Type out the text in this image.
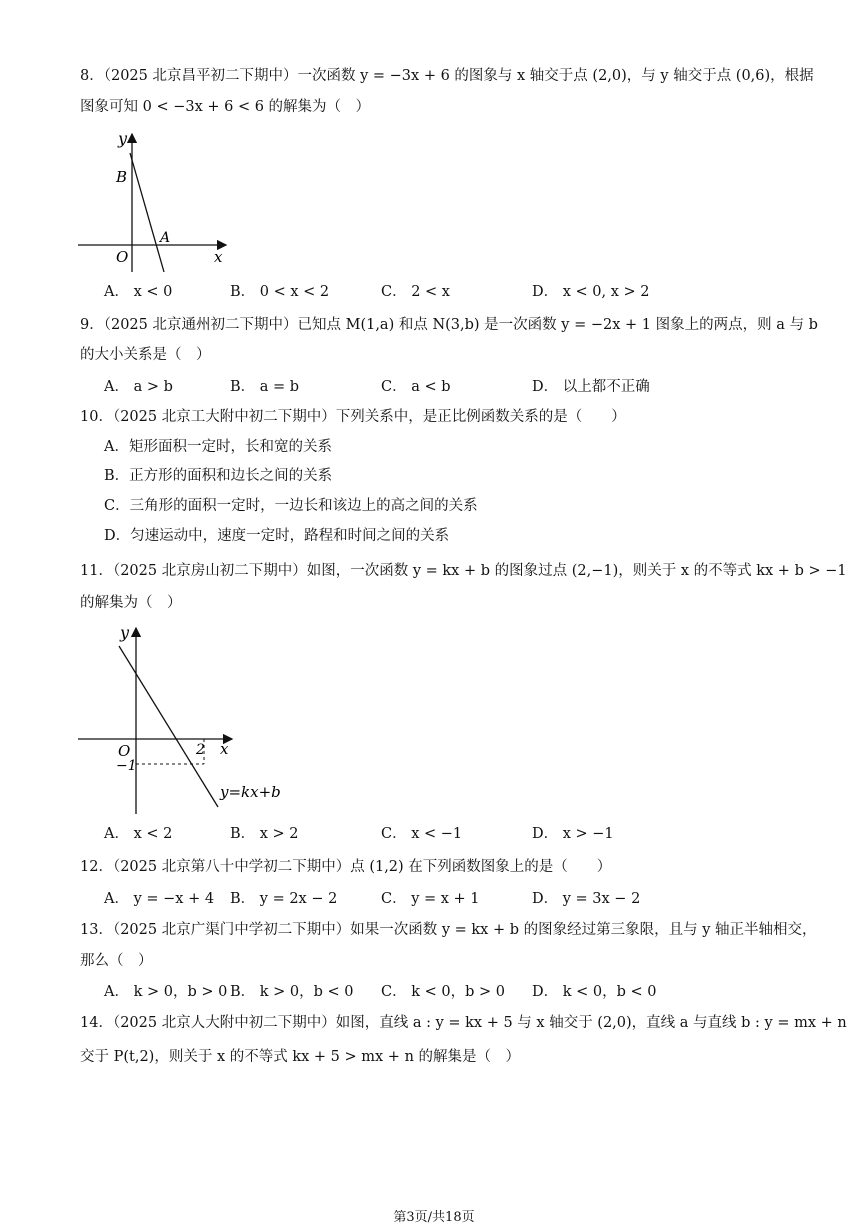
8．（2025 北京昌平初二下期中）一次函数 y = −3x + 6 的图象与 x 轴交于点 (2,0)，与 y 轴交于点 (0,6)，根据
图象可知 0 < −3x + 6 < 6 的解集为（　）
y
x
O
B
A
A． x < 0	B． 0 < x < 2	C． 2 < x	D． x < 0, x > 2
9．（2025 北京通州初二下期中）已知点 M(1,a) 和点 N(3,b) 是一次函数 y = −2x + 1 图象上的两点，则 a 与 b
的大小关系是（　）
A． a > b	B． a = b	C． a < b	D． 以上都不正确
10．（2025 北京工大附中初二下期中）下列关系中，是正比例函数关系的是（　　）
A．矩形面积一定时，长和宽的关系
B．正方形的面积和边长之间的关系
C．三角形的面积一定时，一边长和该边上的高之间的关系
D．匀速运动中，速度一定时，路程和时间之间的关系
11．（2025 北京房山初二下期中）如图，一次函数 y = kx + b 的图象过点 (2,−1)，则关于 x 的不等式 kx + b > −1
的解集为（　）
y
x
O	2
−1
y=kx+b
A． x < 2	B． x > 2	C． x < −1	D． x > −1
12．（2025 北京第八十中学初二下期中）点 (1,2) 在下列函数图象上的是（　　）
A． y = −x + 4 B． y = 2x − 2	C． y = x + 1	D． y = 3x − 2
13．（2025 北京广渠门中学初二下期中）如果一次函数 y = kx + b 的图象经过第三象限，且与 y 轴正半轴相交，
那么（　）
A． k > 0，b > 0 B． k > 0，b < 0 C． k < 0，b > 0 D． k < 0，b < 0
14．（2025 北京人大附中初二下期中）如图，直线 a : y = kx + 5 与 x 轴交于 (2,0)，直线 a 与直线 b : y = mx + n
交于 P(t,2)，则关于 x 的不等式 kx + 5 > mx + n 的解集是（　）
第3页/共18页
